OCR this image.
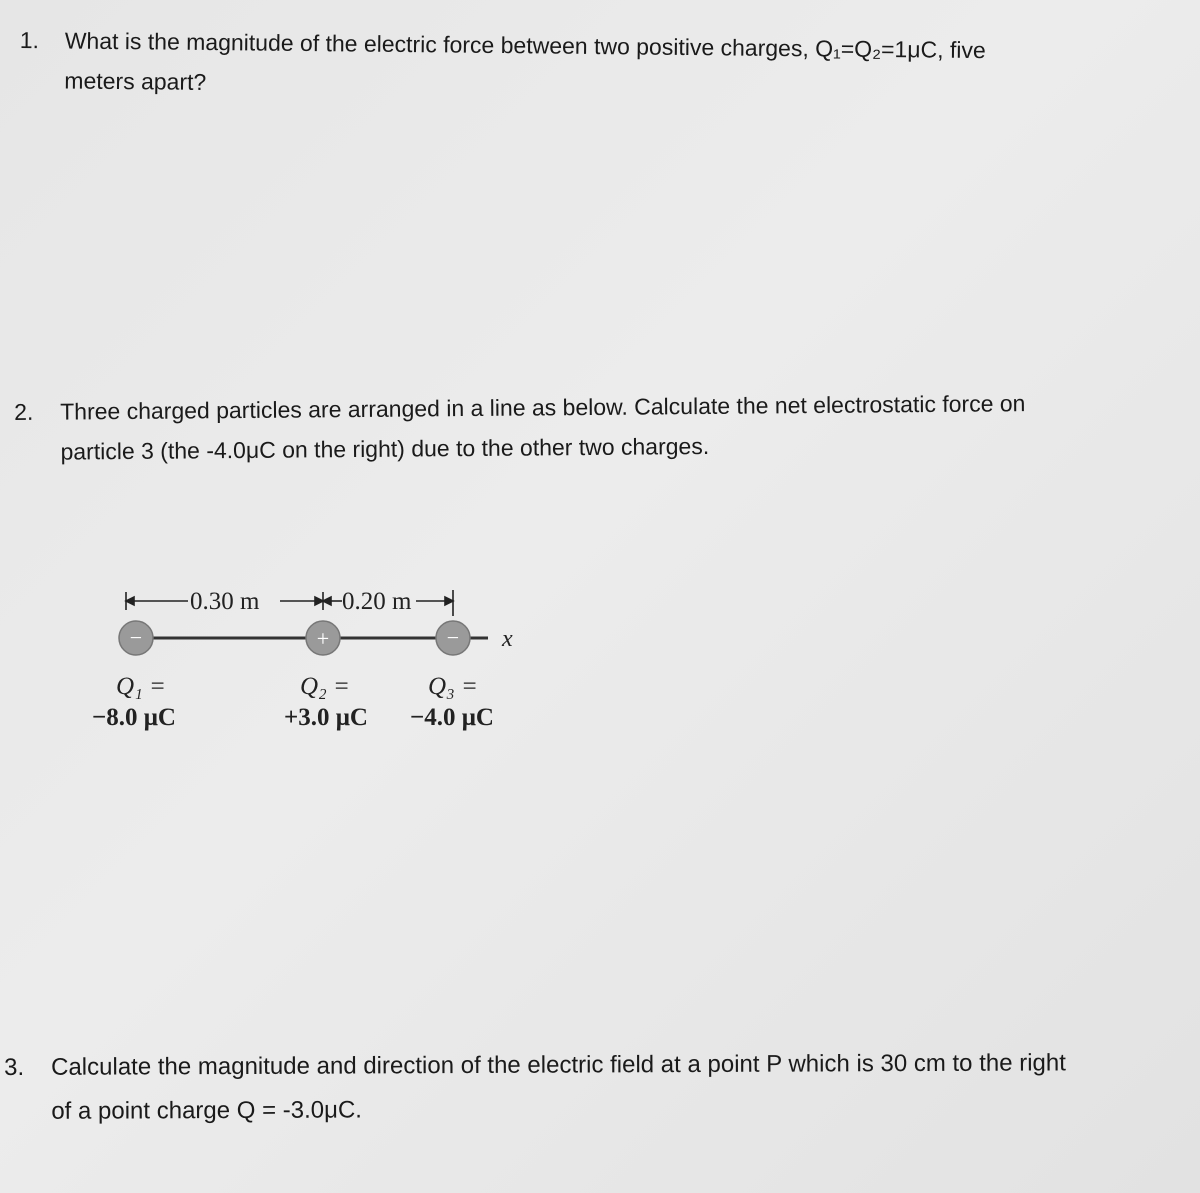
1. What is the magnitude of the electric force between two positive charges, Q₁=Q₂=1μC, five
meters apart?
2. Three charged particles are arranged in a line as below. Calculate the net electrostatic force on
particle 3 (the -4.0μC on the right) due to the other two charges.
0.30 m	0.20 m
x
−	+	−
Q₁ =
−8.0 μC
Q₂ =
+3.0 μC
Q₃ =
−4.0 μC
3. Calculate the magnitude and direction of the electric field at a point P which is 30 cm to the right
of a point charge Q = -3.0μC.
